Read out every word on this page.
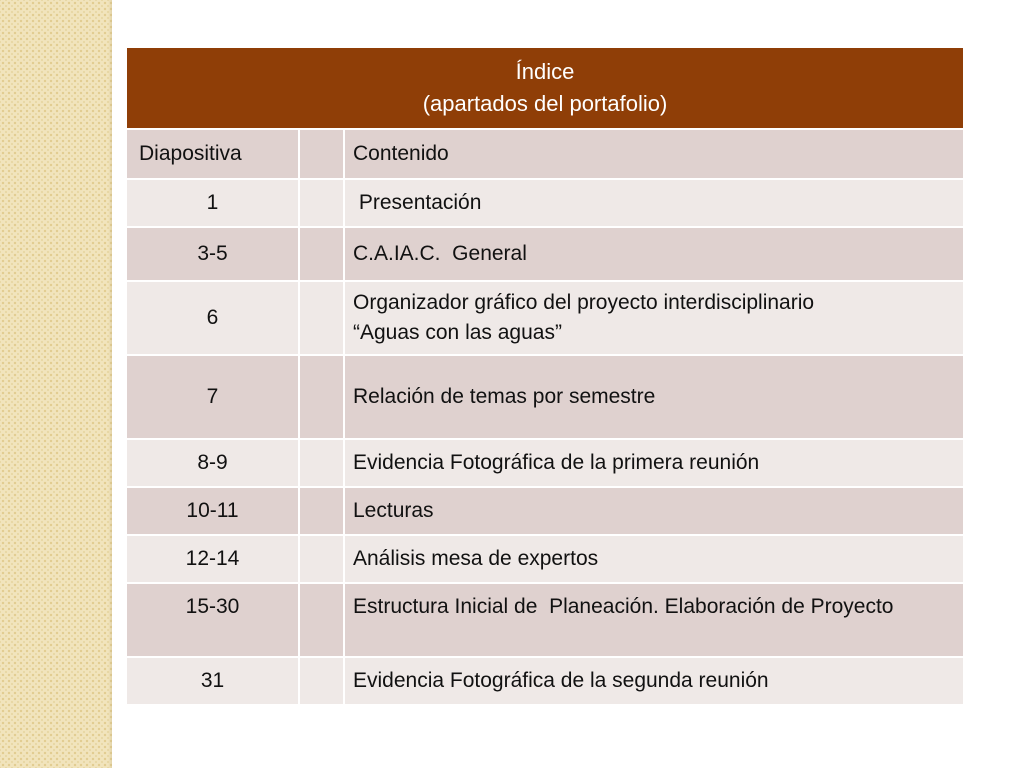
Índice
(apartados del portafolio)		

Diapositiva		Contenido
1		Presentación
3-5		C.A.IA.C.  General
6		Organizador gráfico del proyecto interdisciplinario
“Aguas con las aguas”

7		Relación de temas por semestre
8-9		Evidencia Fotográfica de la primera reunión
10-11		Lecturas
12-14		Análisis mesa de expertos
15-30		Estructura Inicial de  Planeación. Elaboración de Proyecto
31		Evidencia Fotográfica de la segunda reunión
